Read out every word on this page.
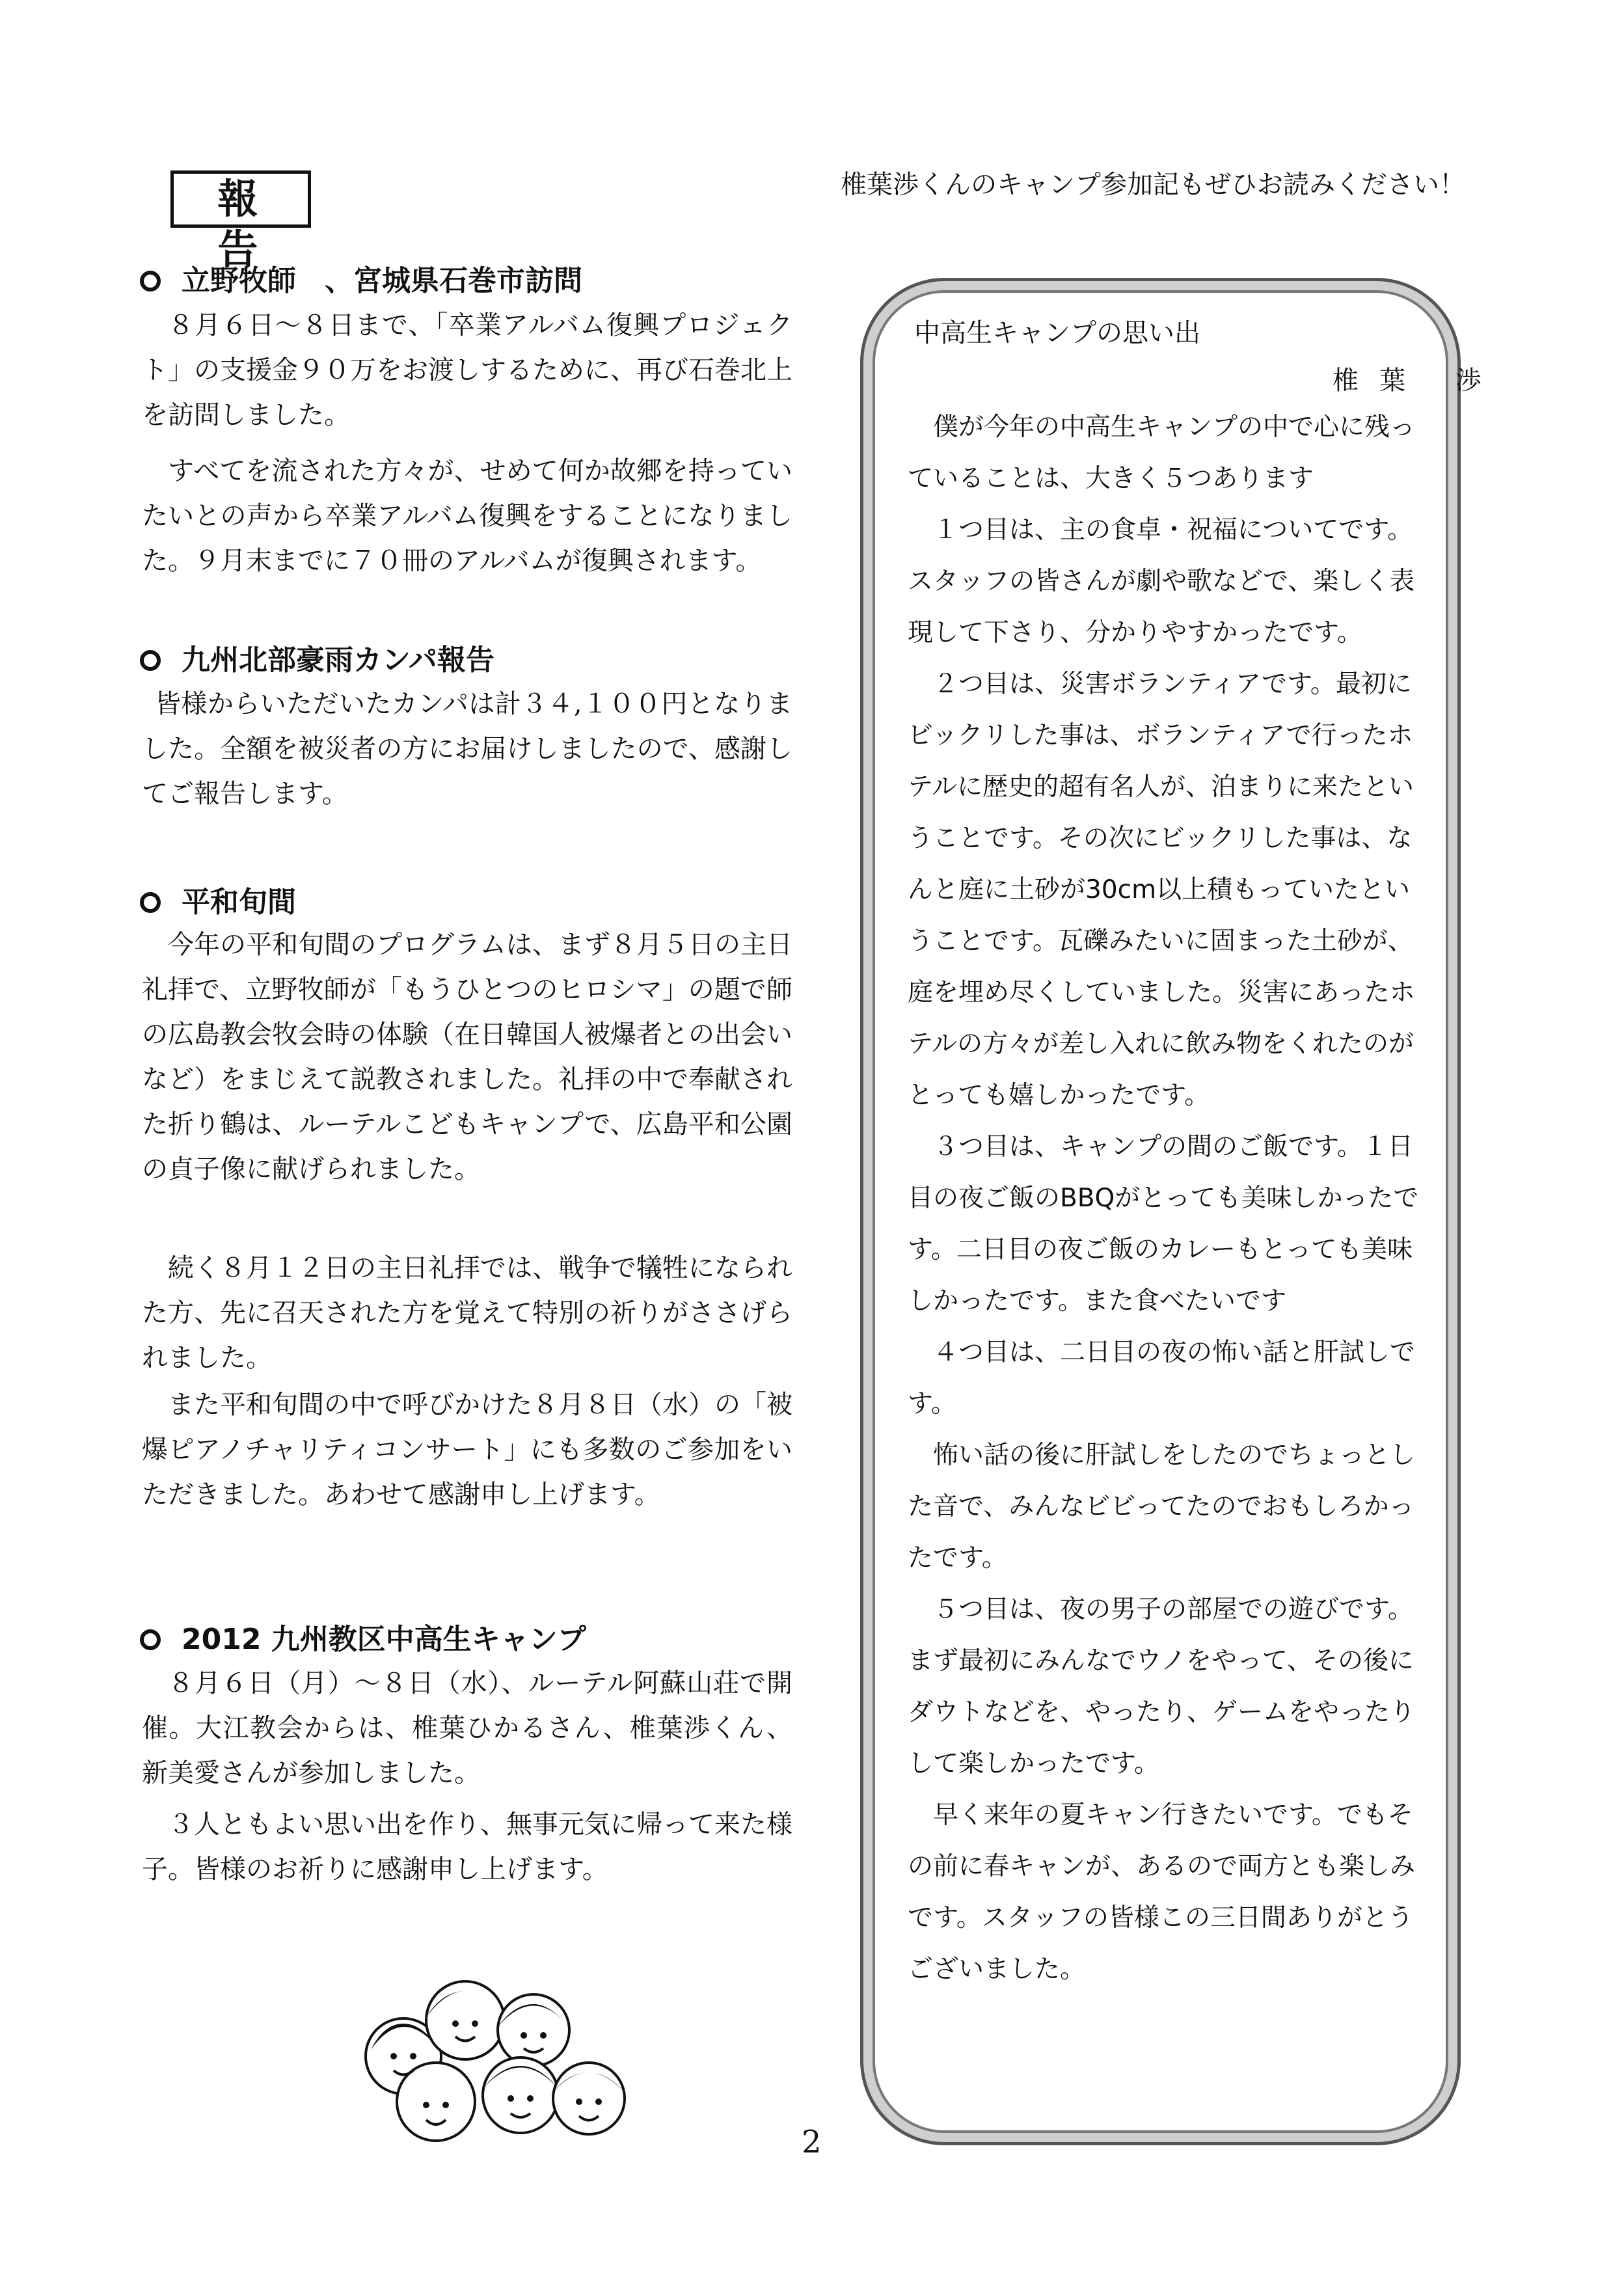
報　告
立野牧師　、宮城県石巻市訪問
８月６日～８日まで、「卒業アルバム復興プロジェクト」の支援金９０万をお渡しするために、再び石巻北上を訪問しました。
すべてを流された方々が、せめて何か故郷を持っていたいとの声から卒業アルバム復興をすることになりました。９月末までに７０冊のアルバムが復興されます。
九州北部豪雨カンパ報告
皆様からいただいたカンパは計３４,１００円となりました。全額を被災者の方にお届けしましたので、感謝してご報告します。
平和旬間
今年の平和旬間のプログラムは、まず８月５日の主日礼拝で、立野牧師が「もうひとつのヒロシマ」の題で師の広島教会牧会時の体験（在日韓国人被爆者との出会いなど）をまじえて説教されました。礼拝の中で奉献された折り鶴は、ルーテルこどもキャンプで、広島平和公園の貞子像に献げられました。
続く８月１２日の主日礼拝では、戦争で犠牲になられた方、先に召天された方を覚えて特別の祈りがささげられました。
また平和旬間の中で呼びかけた８月８日（水）の「被爆ピアノチャリティコンサート」にも多数のご参加をいただきました。あわせて感謝申し上げます。
2012 九州教区中高生キャンプ
８月６日（月）～８日（水）、ルーテル阿蘇山荘で開催。大江教会からは、椎葉ひかるさん、椎葉渉くん、新美愛さんが参加しました。
３人ともよい思い出を作り、無事元気に帰って来た様子。皆様のお祈りに感謝申し上げます。
椎葉渉くんのキャンプ参加記もぜひお読みください！
中高生キャンプの思い出
椎葉 渉

僕が今年の中高生キャンプの中で心に残っていることは、大きく５つあります

１つ目は、主の食卓・祝福についてです。スタッフの皆さんが劇や歌などで、楽しく表現して下さり、分かりやすかったです。

２つ目は、災害ボランティアです。最初にビックリした事は、ボランティアで行ったホテルに歴史的超有名人が、泊まりに来たということです。その次にビックリした事は、なんと庭に土砂が30cm以上積もっていたということです。瓦礫みたいに固まった土砂が、庭を埋め尽くしていました。災害にあったホテルの方々が差し入れに飲み物をくれたのがとっても嬉しかったです。

３つ目は、キャンプの間のご飯です。１日目の夜ご飯のBBQがとっても美味しかったです。二日目の夜ご飯のカレーもとっても美味しかったです。また食べたいです

４つ目は、二日目の夜の怖い話と肝試しです。

怖い話の後に肝試しをしたのでちょっとした音で、みんなビビってたのでおもしろかったです。

５つ目は、夜の男子の部屋での遊びです。まず最初にみんなでウノをやって、その後にダウトなどを、やったり、ゲームをやったりして楽しかったです。

早く来年の夏キャン行きたいです。でもその前に春キャンが、あるので両方とも楽しみです。スタッフの皆様この三日間ありがとうございました。

2
